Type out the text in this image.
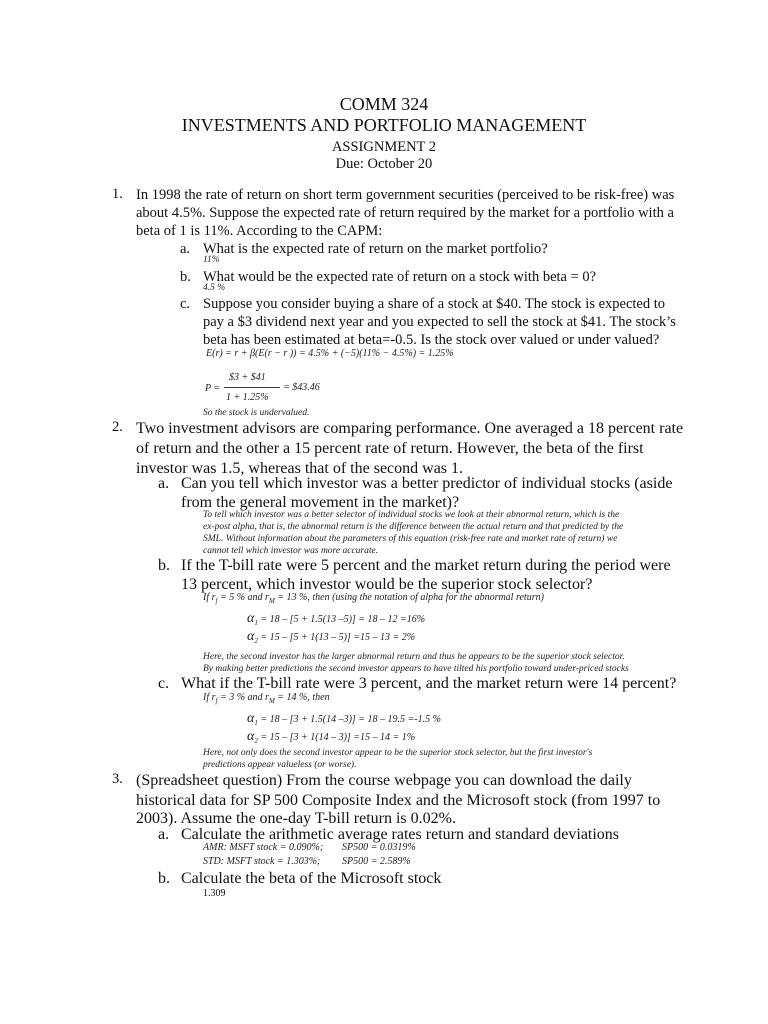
COMM 324
INVESTMENTS AND PORTFOLIO MANAGEMENT
ASSIGNMENT 2
Due: October 20
1. In 1998 the rate of return on short term government securities (perceived to be risk-free) was
about 4.5%. Suppose the expected rate of return required by the market for a portfolio with a
beta of 1 is 11%. According to the CAPM:
a. What is the expected rate of return on the market portfolio?
11%
b. What would be the expected rate of return on a stock with beta = 0?
4.5 %
c. Suppose you consider buying a share of a stock at $40. The stock is expected to
pay a $3 dividend next year and you expected to sell the stock at $41. The stock’s
beta has been estimated at beta=-0.5. Is the stock over valued or under valued?
E(r) = r + β(E(r − r )) = 4.5% + (−5)(11% − 4.5%) = 1.25%
P =
$3 + $41
1 + 1.25%
= $43.46
So the stock is undervalued.
2. Two investment advisors are comparing performance. One averaged a 18 percent rate
of return and the other a 15 percent rate of return. However, the beta of the first
investor was 1.5, whereas that of the second was 1.
a. Can you tell which investor was a better predictor of individual stocks (aside
from the general movement in the market)?
To tell which investor was a better selector of individual stocks we look at their abnormal return, which is the
ex-post alpha, that is, the abnormal return is the difference between the actual return and that predicted by the
SML. Without information about the parameters of this equation (risk-free rate and market rate of return) we
cannot tell which investor was more accurate.
b. If the T-bill rate were 5 percent and the market return during the period were
13 percent, which investor would be the superior stock selector?
If $r_f = 5$ % and $r_M = 13$ %, then (using the notation of alpha for the abnormal return)
$\alpha_1 = 18 - [5 + 1.5(13$ –5)] = 18 – 12 =16%
$\alpha_2 = 15 - [5 + 1(13 - 5)] =15 - 13 = 2\%$
Here, the second investor has the larger abnormal return and thus he appears to be the superior stock selector.
By making better predictions the second investor appears to have tilted his portfolio toward under-priced stocks
c. What if the T-bill rate were 3 percent, and the market return were 14 percent?
If $r_f = 3$ % and $r_M = 14$ %, then
$\alpha_1 = 18 - [3 + 1.5(14$ –3)] = 18 – 19.5 =-1.5 %
$\alpha_2 = 15 - [3 + 1(14 - 3)] =15 - 14 = 1\%$
Here, not only does the second investor appear to be the superior stock selector, but the first investor's
predictions appear valueless (or worse).
3. (Spreadsheet question) From the course webpage you can download the daily
historical data for SP 500 Composite Index and the Microsoft stock (from 1997 to
2003). Assume the one-day T-bill return is 0.02%.
a. Calculate the arithmetic average rates return and standard deviations
AMR: MSFT stock = 0.090%; SP500 = 0.0319%
STD: MSFT stock = 1.303%; SP500 = 2.589%
b. Calculate the beta of the Microsoft stock
1.309
